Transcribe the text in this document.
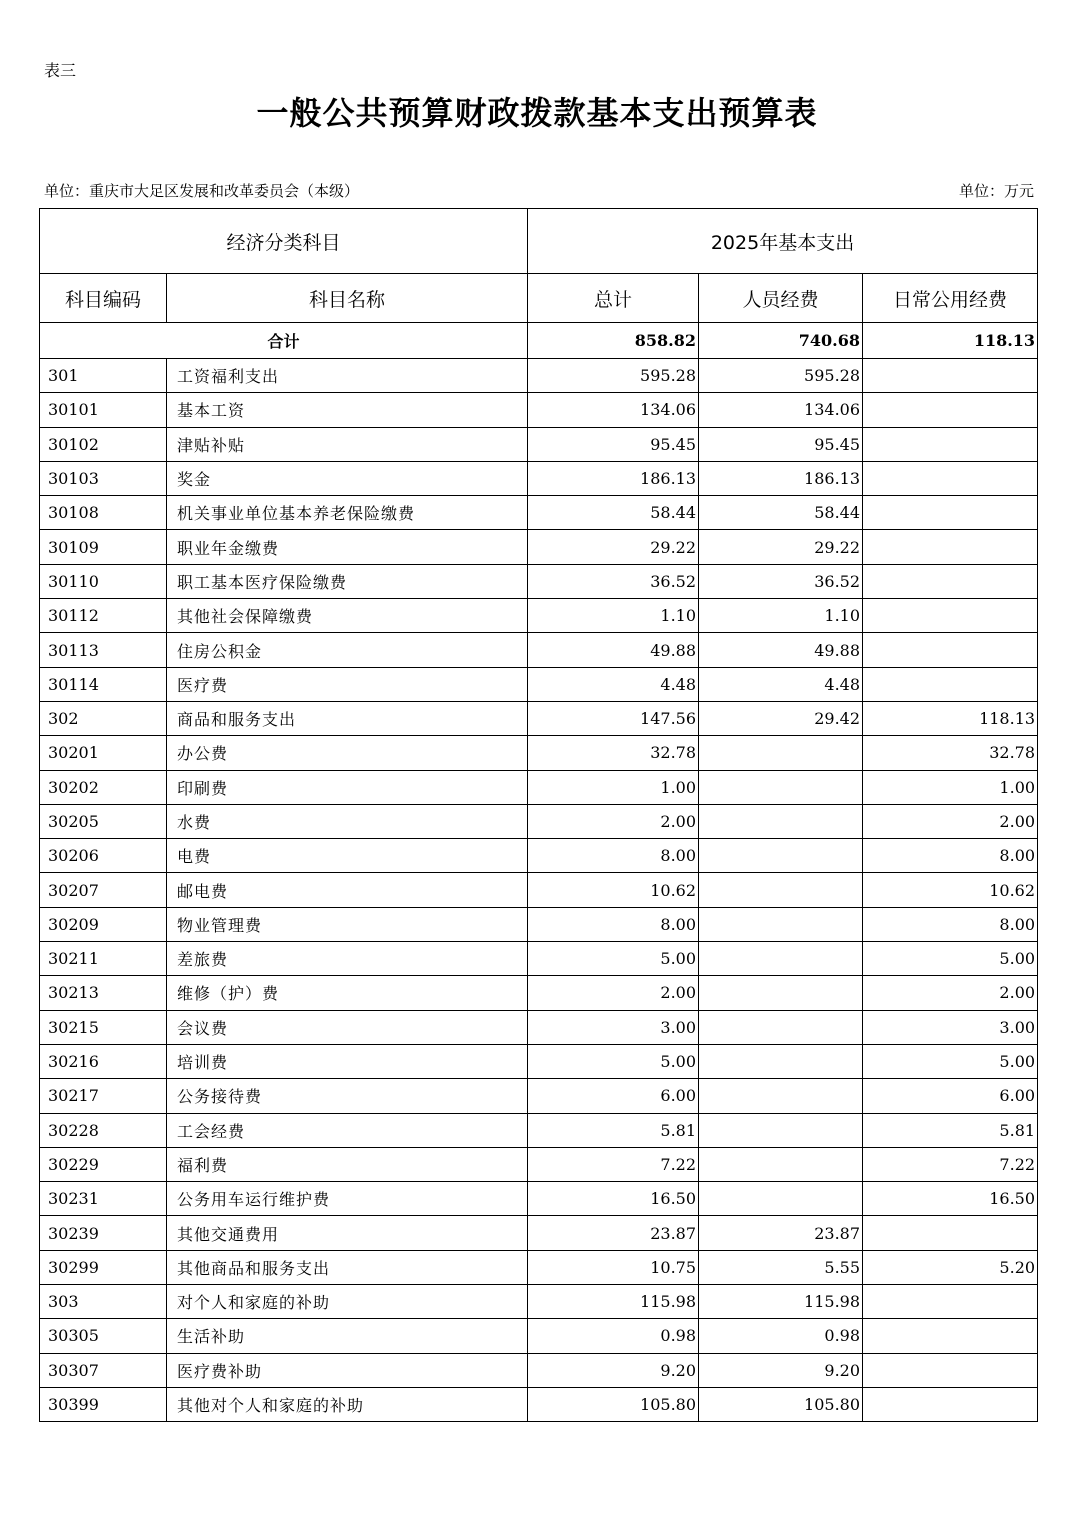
表三
一般公共预算财政拨款基本支出预算表
单位：重庆市大足区发展和改革委员会（本级）	单位：万元
经济分类科目		2025年基本支出		
科目编码	科目名称	总计	人员经费	日常公用经费
合计		858.82	740.68	118.13
301	工资福利支出	595.28	595.28	
30101	基本工资	134.06	134.06	
30102	津贴补贴	95.45	95.45	
30103	奖金	186.13	186.13	
30108	机关事业单位基本养老保险缴费	58.44	58.44	
30109	职业年金缴费	29.22	29.22	
30110	职工基本医疗保险缴费	36.52	36.52	
30112	其他社会保障缴费	1.10	1.10	
30113	住房公积金	49.88	49.88	
30114	医疗费	4.48	4.48	
302	商品和服务支出	147.56	29.42	118.13
30201	办公费	32.78		32.78
30202	印刷费	1.00		1.00
30205	水费	2.00		2.00
30206	电费	8.00		8.00
30207	邮电费	10.62		10.62
30209	物业管理费	8.00		8.00
30211	差旅费	5.00		5.00
30213	维修（护）费	2.00		2.00
30215	会议费	3.00		3.00
30216	培训费	5.00		5.00
30217	公务接待费	6.00		6.00
30228	工会经费	5.81		5.81
30229	福利费	7.22		7.22
30231	公务用车运行维护费	16.50		16.50
30239	其他交通费用	23.87	23.87	
30299	其他商品和服务支出	10.75	5.55	5.20
303	对个人和家庭的补助	115.98	115.98	
30305	生活补助	0.98	0.98	
30307	医疗费补助	9.20	9.20	
30399	其他对个人和家庭的补助	105.80	105.80	
